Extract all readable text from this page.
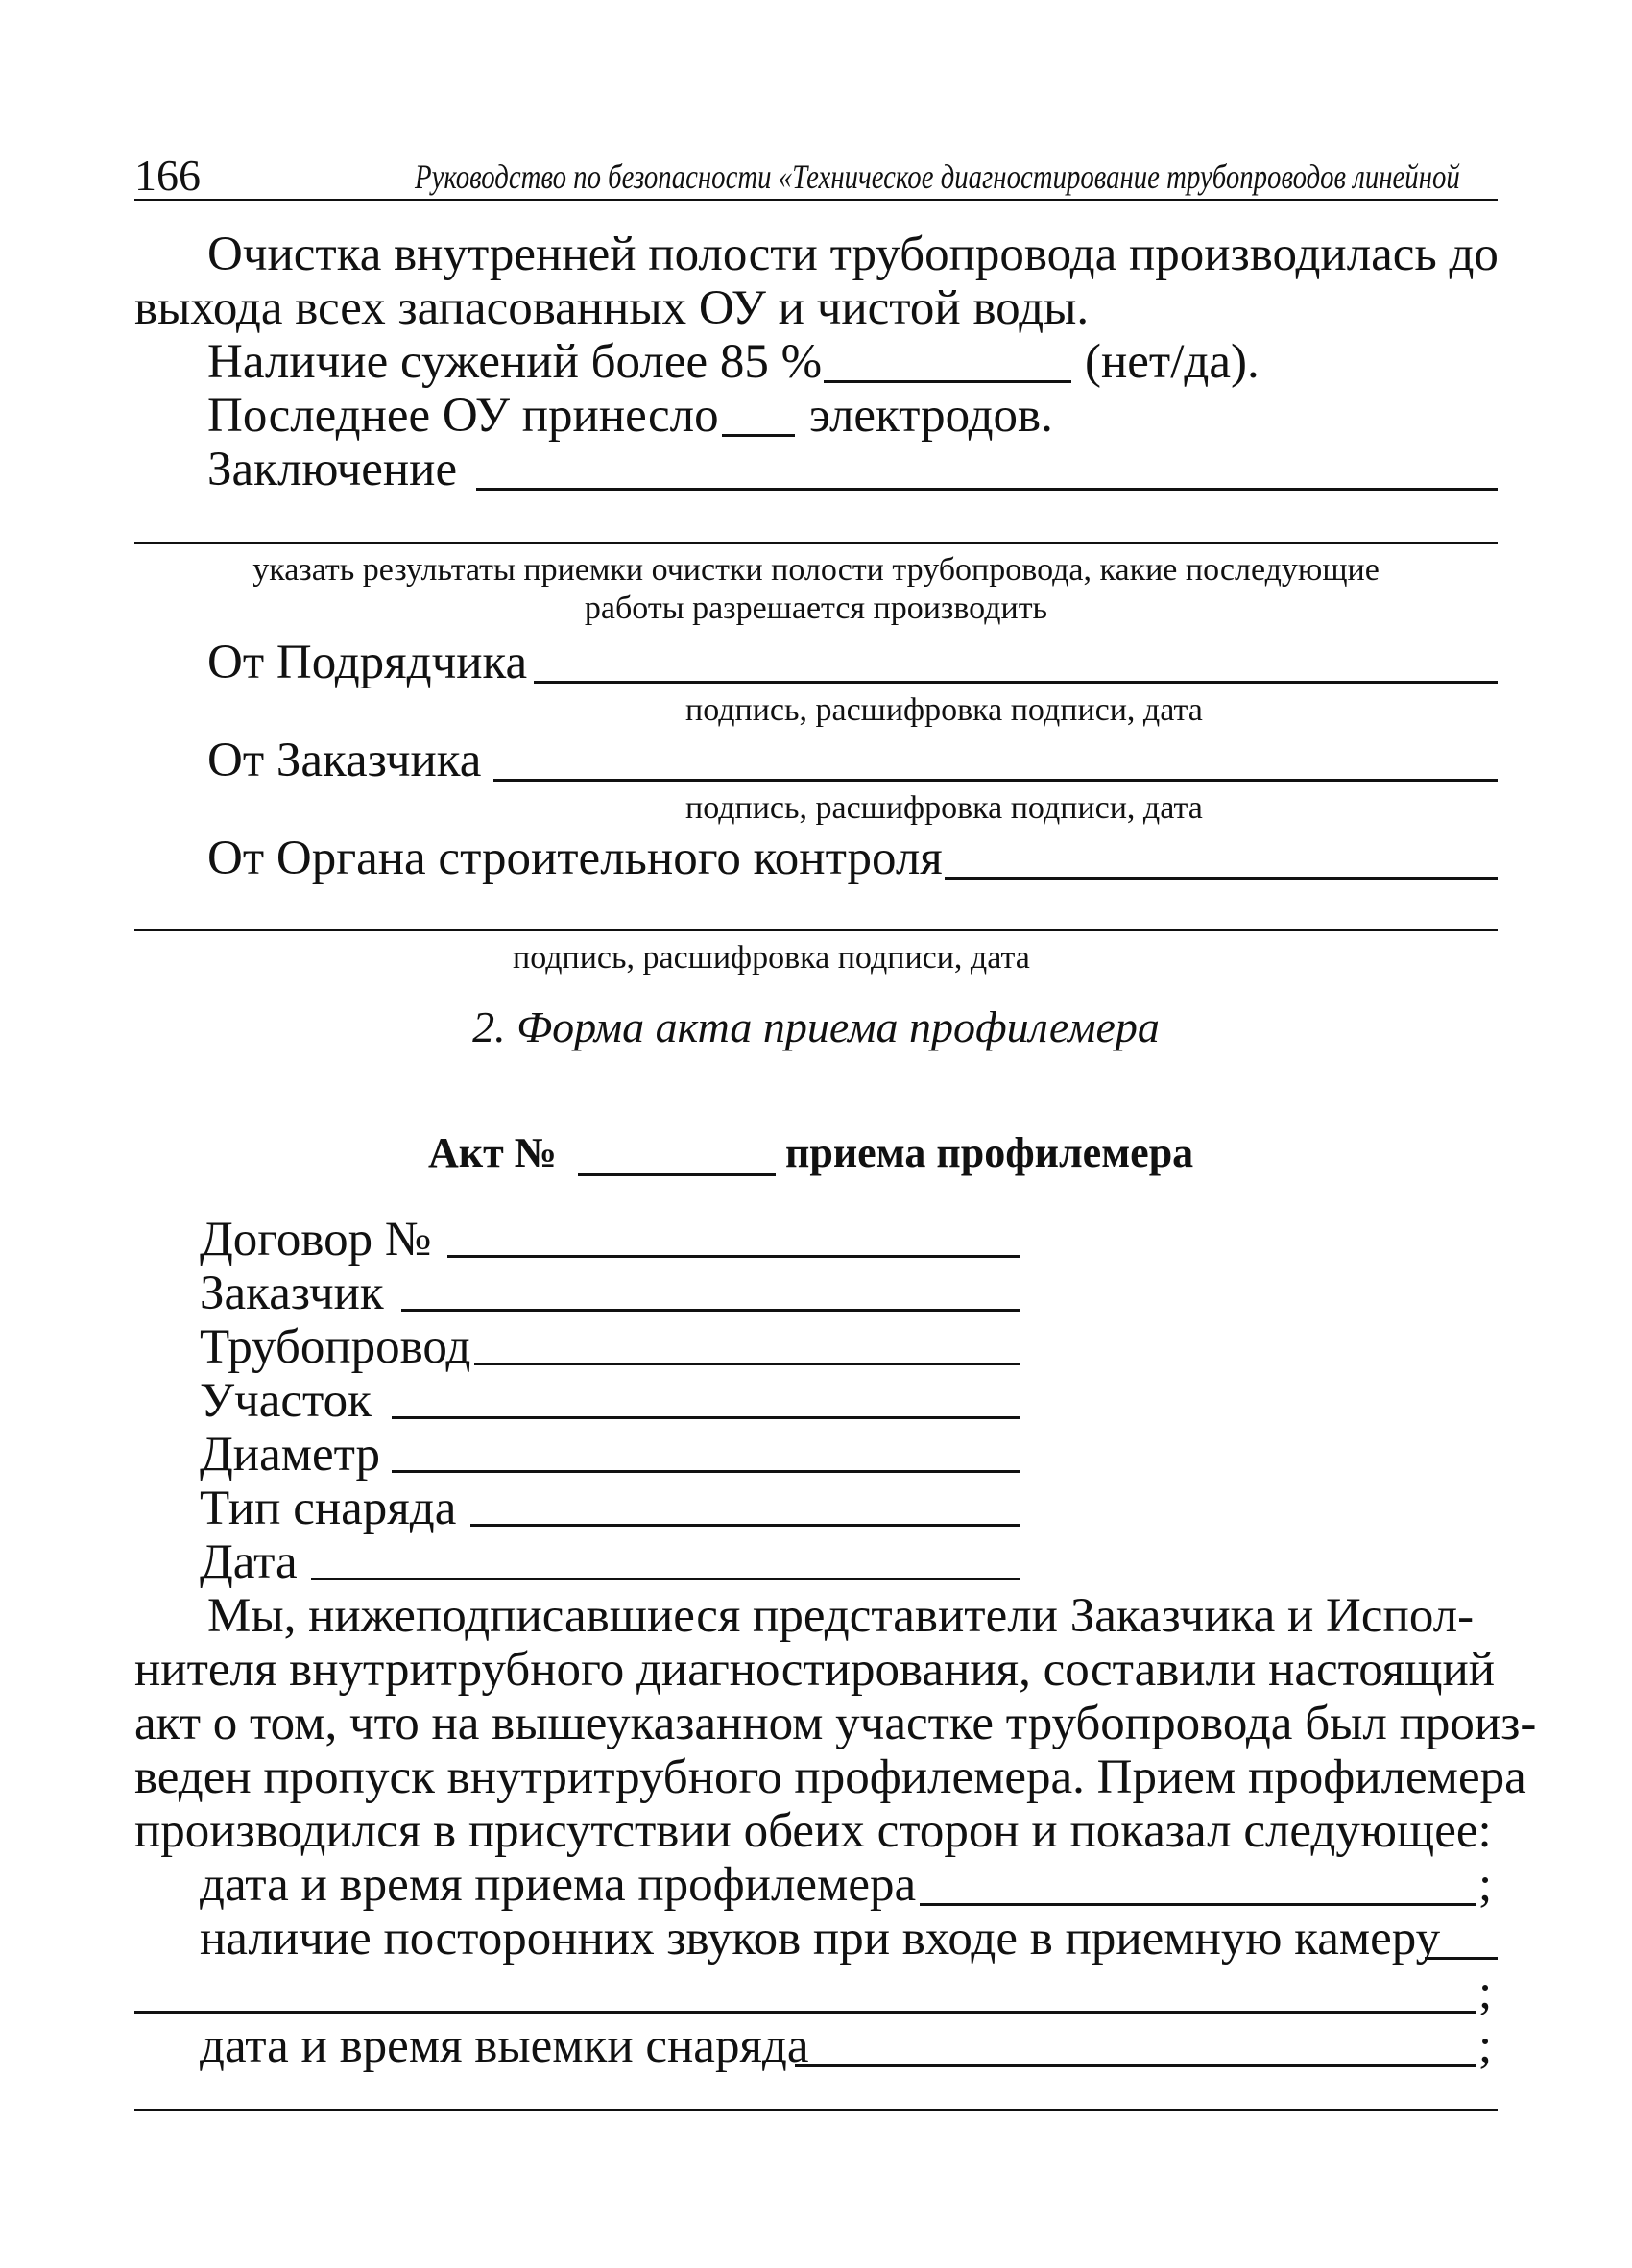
166	Руководство по безопасности «Техническое диагностирование трубопроводов линейной
Очистка внутренней полости трубопровода производилась до
выхода всех запасованных ОУ и чистой воды.
Наличие сужений более 85 %	(нет/да).
Последнее ОУ принесло электродов.
Заключение
указать результаты приемки очистки полости трубопровода, какие последующие
работы разрешается производить
От Подрядчика
подпись, расшифровка подписи, дата
От Заказчика
подпись, расшифровка подписи, дата
От Органа строительного контроля
подпись, расшифровка подписи, дата
2. Форма акта приема профилемера
Акт №	приема профилемера
Договор №
Заказчик
Трубопровод
Участок
Диаметр
Тип снаряда
Дата
Мы, нижеподписавшиеся представители Заказчика и Испол-
нителя внутритрубного диагностирования, составили настоящий
акт о том, что на вышеуказанном участке трубопровода был произ-
веден пропуск внутритрубного профилемера. Прием профилемера
производился в присутствии обеих сторон и показал следующее:
дата и время приема профилемера	;
наличие посторонних звуков при входе в приемную камеру
;
дата и время выемки снаряда	;
